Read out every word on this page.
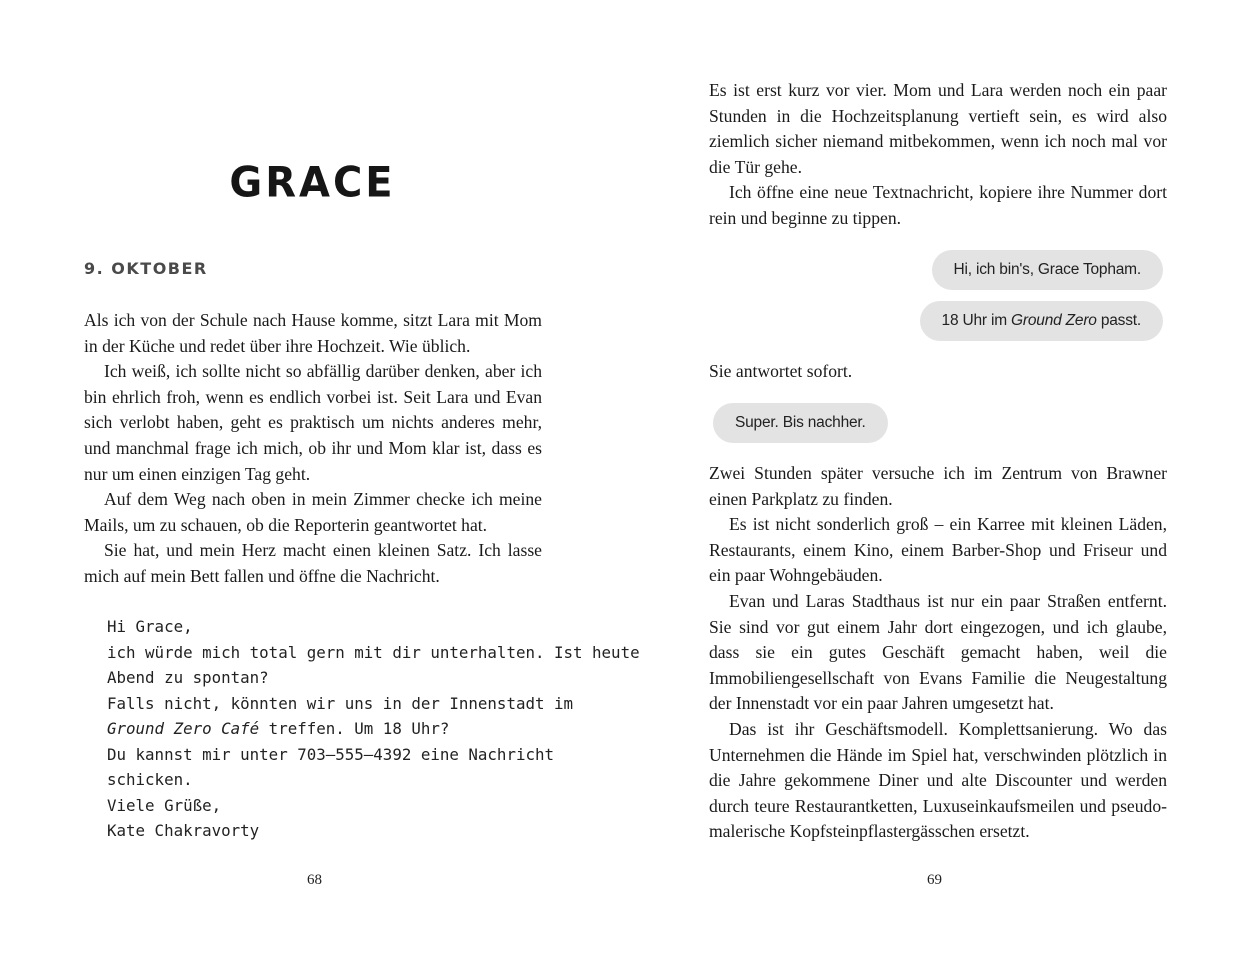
GRACE
9. OKTOBER

Als ich von der Schule nach Hause komme, sitzt Lara mit Mom in der Küche und redet über ihre Hochzeit. Wie üblich.

Ich weiß, ich sollte nicht so abfällig darüber denken, aber ich bin ehrlich froh, wenn es endlich vorbei ist. Seit Lara und Evan sich verlobt haben, geht es praktisch um nichts anderes mehr, und manchmal frage ich mich, ob ihr und Mom klar ist, dass es nur um einen einzigen Tag geht.

Auf dem Weg nach oben in mein Zimmer checke ich meine Mails, um zu schauen, ob die Reporterin geantwortet hat.

Sie hat, und mein Herz macht einen kleinen Satz. Ich lasse mich auf mein Bett fallen und öffne die Nachricht.

Hi Grace,
ich würde mich total gern mit dir unterhalten. Ist heute
Abend zu spontan?
Falls nicht, könnten wir uns in der Innenstadt im
Ground Zero Café treffen. Um 18 Uhr?
Du kannst mir unter 703–555–4392 eine Nachricht
schicken.
Viele Grüße,
Kate Chakravorty
68

Es ist erst kurz vor vier. Mom und Lara werden noch ein paar Stunden in die Hochzeitsplanung vertieft sein, es wird also ziemlich sicher niemand mitbekommen, wenn ich noch mal vor die Tür gehe.

Ich öffne eine neue Textnachricht, kopiere ihre Nummer dort rein und beginne zu tippen.

Hi, ich bin's, Grace Topham.
18 Uhr im Ground Zero passt.
Sie antwortet sofort.
Super. Bis nachher.

Zwei Stunden später versuche ich im Zentrum von Brawner einen Parkplatz zu finden.

Es ist nicht sonderlich groß – ein Karree mit kleinen Läden, Restaurants, einem Kino, einem Barber-Shop und Friseur und ein paar Wohngebäuden.

Evan und Laras Stadthaus ist nur ein paar Straßen entfernt. Sie sind vor gut einem Jahr dort eingezogen, und ich glaube, dass sie ein gutes Geschäft gemacht haben, weil die Immobiliengesellschaft von Evans Familie die Neugestaltung der Innenstadt vor ein paar Jahren umgesetzt hat.

Das ist ihr Geschäftsmodell. Komplettsanierung. Wo das Unternehmen die Hände im Spiel hat, verschwinden plötzlich in die Jahre gekommene Diner und alte Discounter und werden durch teure Restaurantketten, Luxuseinkaufsmeilen und pseudo-malerische Kopfsteinpflastergässchen ersetzt.

69
